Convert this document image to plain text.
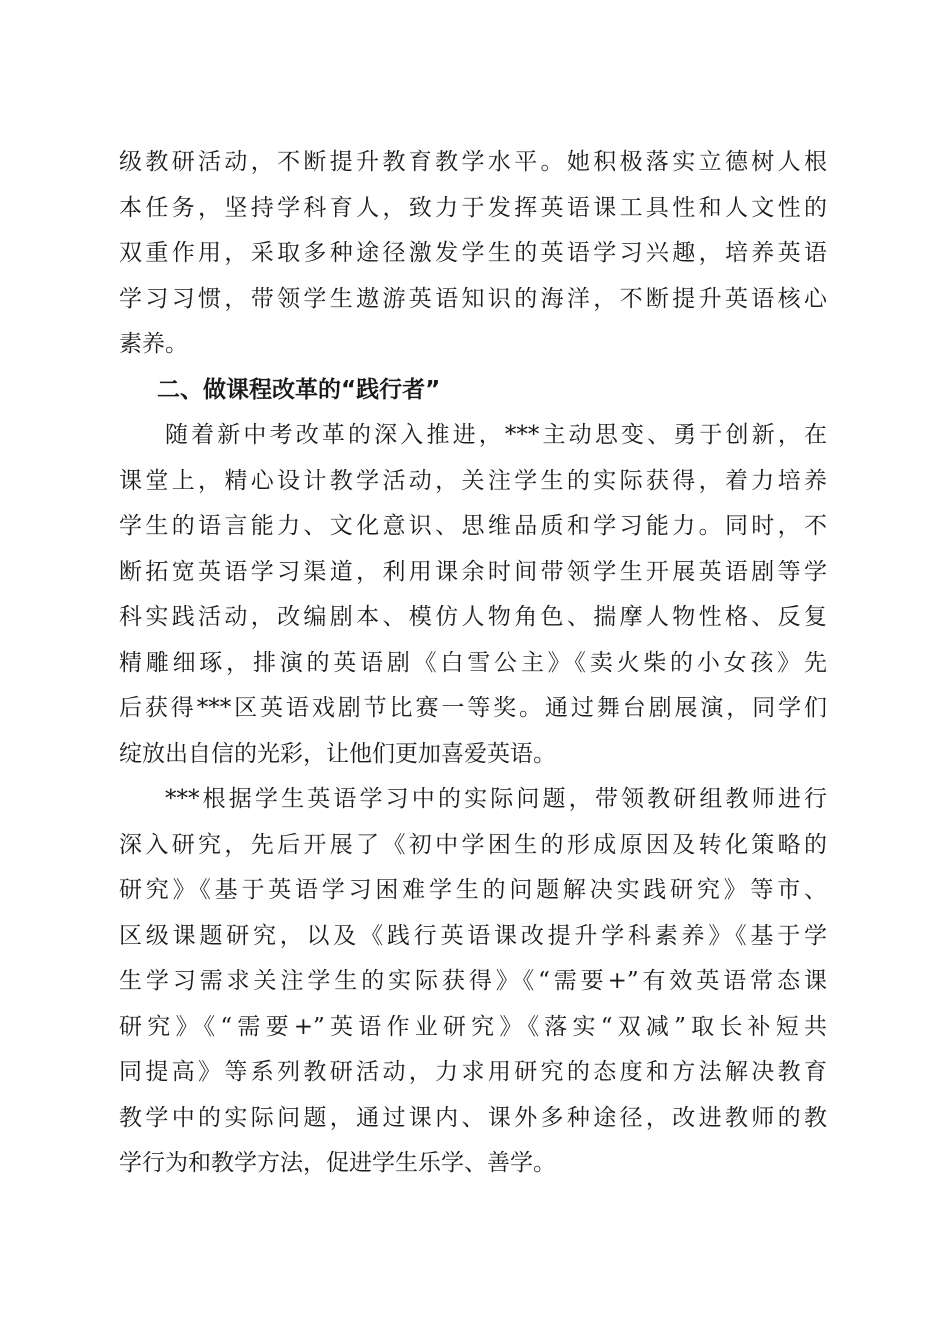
级教研活动，不断提升教育教学水平。她积极落实立德树人根
本任务，坚持学科育人，致力于发挥英语课工具性和人文性的
双重作用，采取多种途径激发学生的英语学习兴趣，培养英语
学习习惯，带领学生遨游英语知识的海洋，不断提升英语核心
素养。
二、做课程改革的“践行者”
随着新中考改革的深入推进，***主动思变、勇于创新，在
课堂上，精心设计教学活动，关注学生的实际获得，着力培养
学生的语言能力、文化意识、思维品质和学习能力。同时，不
断拓宽英语学习渠道，利用课余时间带领学生开展英语剧等学
科实践活动，改编剧本、模仿人物角色、揣摩人物性格、反复
精雕细琢，排演的英语剧《白雪公主》《卖火柴的小女孩》先
后获得***区英语戏剧节比赛一等奖。通过舞台剧展演，同学们
绽放出自信的光彩，让他们更加喜爱英语。
***根据学生英语学习中的实际问题，带领教研组教师进行
深入研究，先后开展了《初中学困生的形成原因及转化策略的
研究》《基于英语学习困难学生的问题解决实践研究》等市、
区级课题研究，以及《践行英语课改提升学科素养》《基于学
生学习需求关注学生的实际获得》《“需要+”有效英语常态课
研究》《“需要+”英语作业研究》《落实“双减”取长补短共
同提高》等系列教研活动，力求用研究的态度和方法解决教育
教学中的实际问题，通过课内、课外多种途径，改进教师的教
学行为和教学方法，促进学生乐学、善学。
